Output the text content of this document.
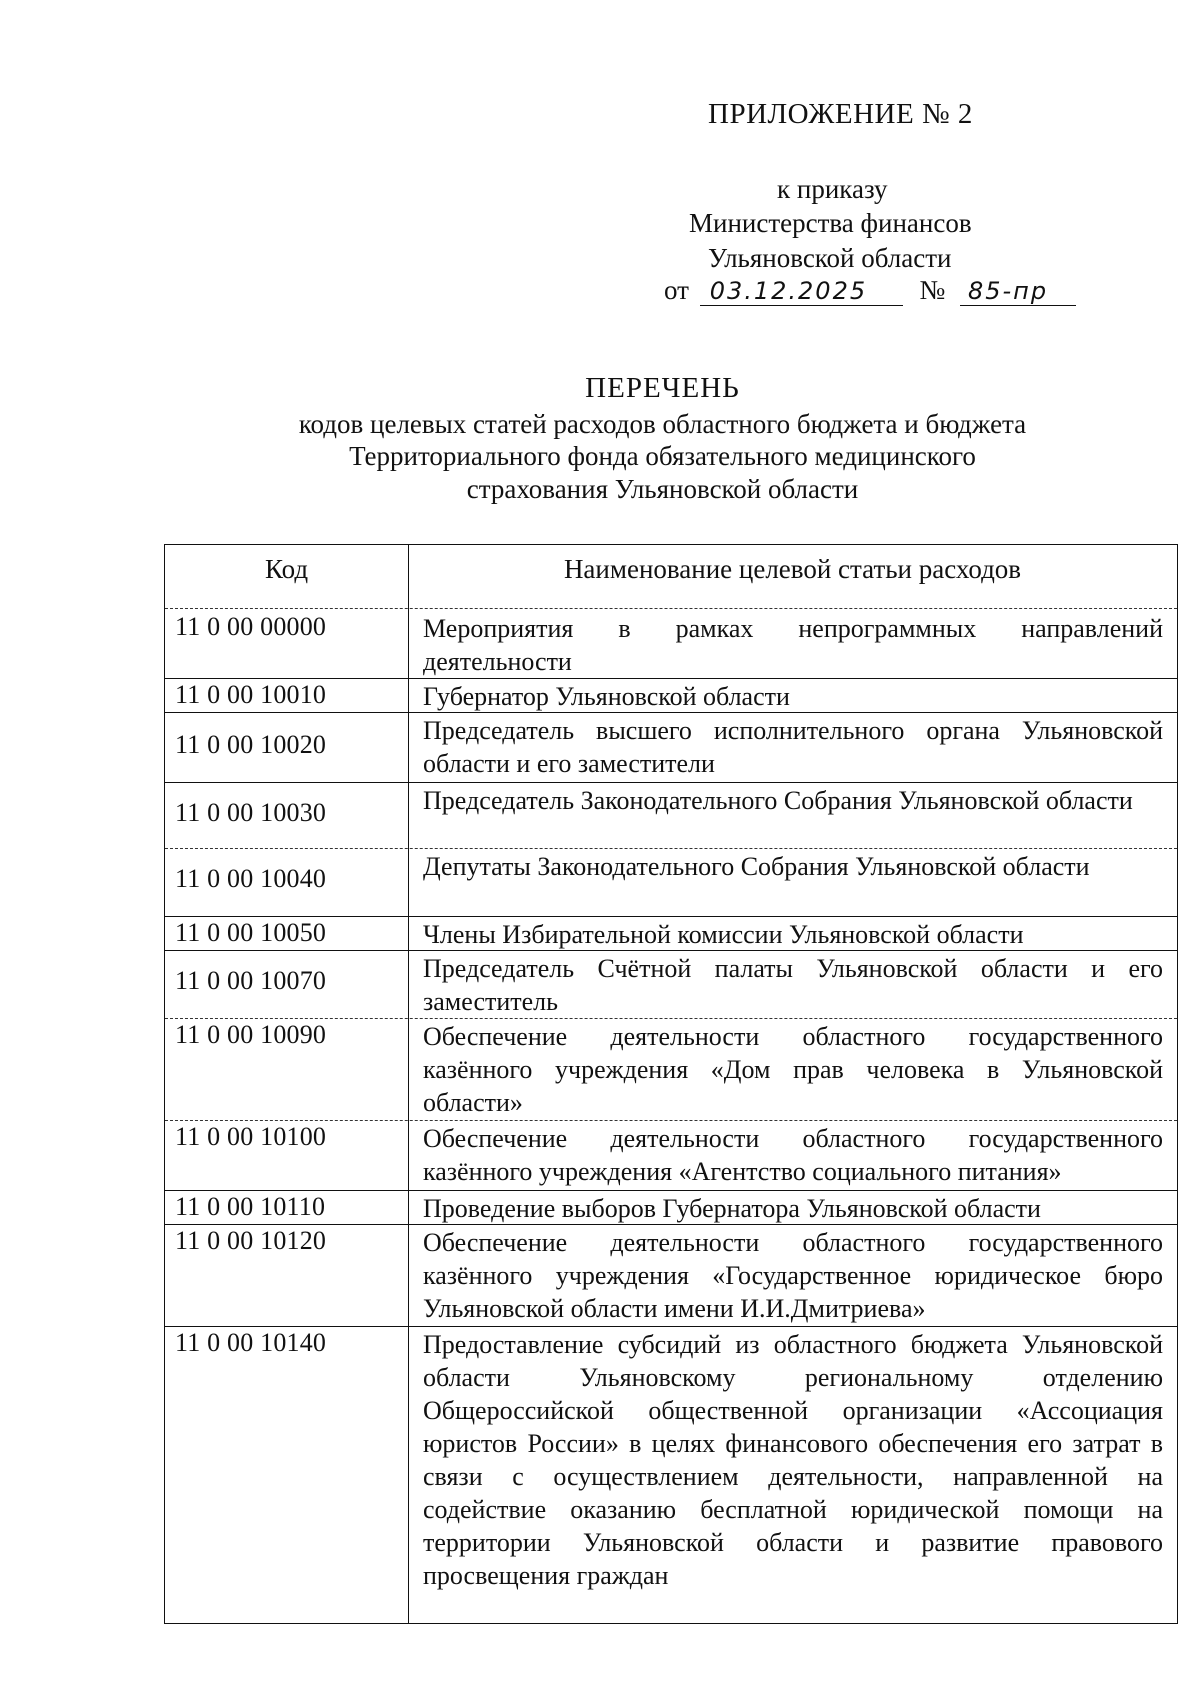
ПРИЛОЖЕНИЕ № 2
к приказу
Министерства финансов
Ульяновской области
от 03.12.2025 № 85-пр
ПЕРЕЧЕНЬ
кодов целевых статей расходов областного бюджета и бюджета
Территориального фонда обязательного медицинского
страхования Ульяновской области
Код	Наименование целевой статьи расходов
11 0 00 00000	Мероприятия в рамках непрограммных направлений деятельности
11 0 00 10010	Губернатор Ульяновской области
11 0 00 10020	Председатель высшего исполнительного органа Ульяновской области и его заместители
11 0 00 10030	Председатель Законодательного Собрания Ульяновской области
11 0 00 10040	Депутаты Законодательного Собрания Ульяновской области
11 0 00 10050	Члены Избирательной комиссии Ульяновской области
11 0 00 10070	Председатель Счётной палаты Ульяновской области и его заместитель
11 0 00 10090	Обеспечение деятельности областного государственного казённого учреждения «Дом прав человека в Ульяновской области»
11 0 00 10100	Обеспечение деятельности областного государственного казённого учреждения «Агентство социального питания»
11 0 00 10110	Проведение выборов Губернатора Ульяновской области
11 0 00 10120	Обеспечение деятельности областного государственного казённого учреждения «Государственное юридическое бюро Ульяновской области имени И.И.Дмитриева»
11 0 00 10140	Предоставление субсидий из областного бюджета Ульяновской области Ульяновскому региональному отделению Общероссийской общественной организации «Ассоциация юристов России» в целях финансового обеспечения его затрат в связи с осуществлением деятельности, направленной на содействие оказанию бесплатной юридической помощи на территории Ульяновской области и развитие правового просвещения граждан
